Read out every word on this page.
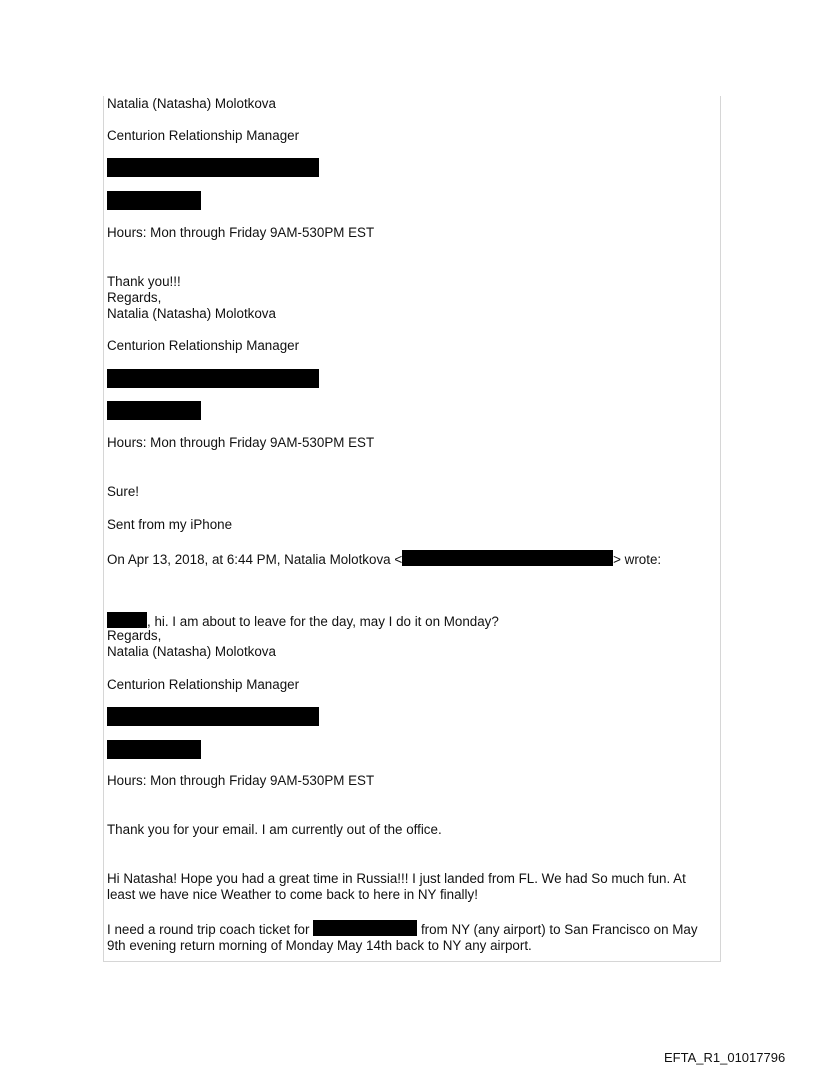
Natalia (Natasha) Molotkova
Centurion Relationship Manager
Hours: Mon through Friday 9AM-530PM EST
Thank you!!!
Regards,
Natalia (Natasha) Molotkova
Centurion Relationship Manager
Hours: Mon through Friday 9AM-530PM EST
Sure!
Sent from my iPhone
On Apr 13, 2018, at 6:44 PM, Natalia Molotkova <	> wrote:
, hi. I am about to leave for the day, may I do it on Monday?
Regards,
Natalia (Natasha) Molotkova
Centurion Relationship Manager
Hours: Mon through Friday 9AM-530PM EST
Thank you for your email. I am currently out of the office.
Hi Natasha! Hope you had a great time in Russia!!! I just landed from FL. We had So much fun. At least we have nice Weather to come back to here in NY finally!
I need a round trip coach ticket for	from NY (any airport) to San Francisco on May 9th evening return morning of Monday May 14th back to NY any airport.
EFTA_R1_01017796
